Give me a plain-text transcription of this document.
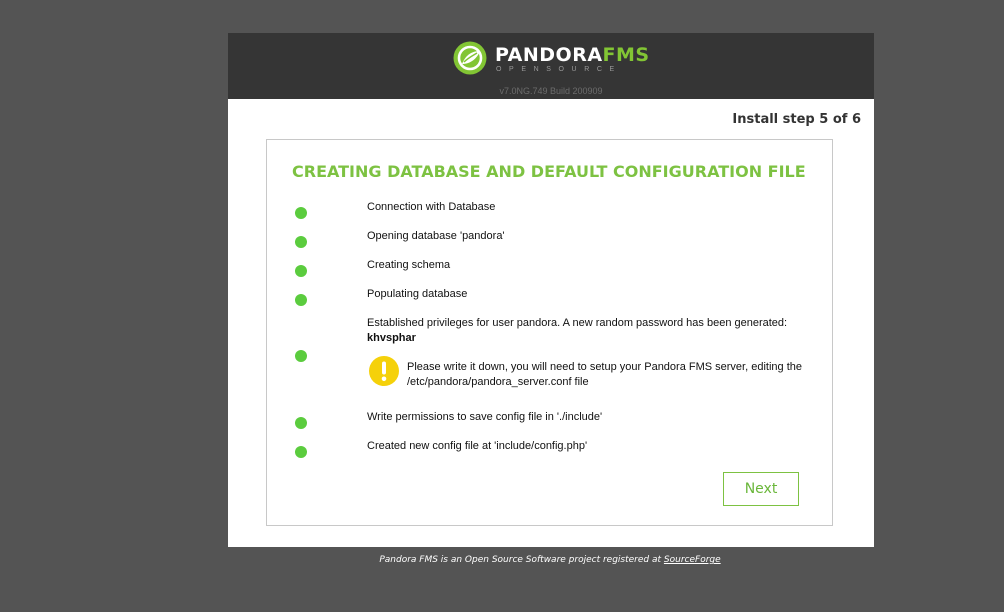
PANDORAFMS
OPENSOURCE
v7.0NG.749 Build 200909
Install step 5 of 6
CREATING DATABASE AND DEFAULT CONFIGURATION FILE
Connection with Database
Opening database 'pandora'
Creating schema
Populating database
Established privileges for user pandora. A new random password has been generated:
khvsphar
Please write it down, you will need to setup your Pandora FMS server, editing the /etc/pandora/pandora_server.conf file
Write permissions to save config file in './include'
Created new config file at 'include/config.php'
Next
Pandora FMS is an Open Source Software project registered at SourceForge
